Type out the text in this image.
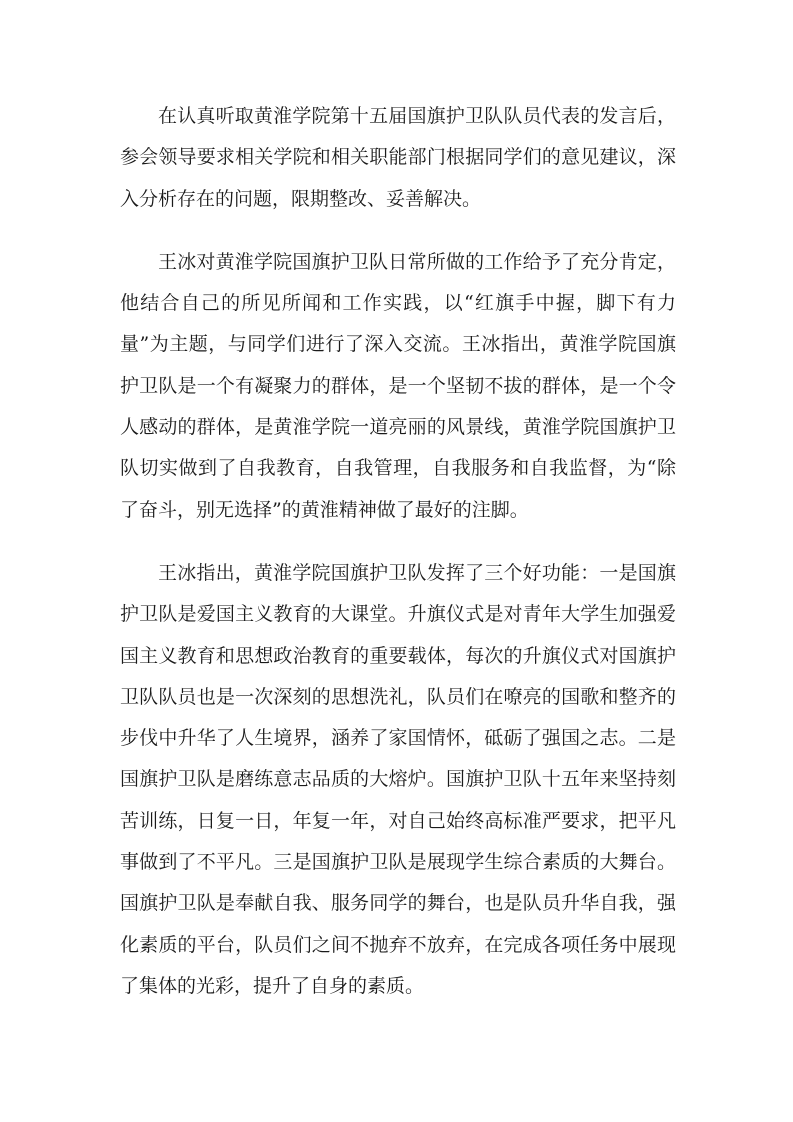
在认真听取黄淮学院第十五届国旗护卫队队员代表的发言后，参会领导要求相关学院和相关职能部门根据同学们的意见建议，深入分析存在的问题，限期整改、妥善解决。

王冰对黄淮学院国旗护卫队日常所做的工作给予了充分肯定，他结合自己的所见所闻和工作实践，以“红旗手中握，脚下有力量”为主题，与同学们进行了深入交流。王冰指出，黄淮学院国旗护卫队是一个有凝聚力的群体，是一个坚韧不拔的群体，是一个令人感动的群体，是黄淮学院一道亮丽的风景线，黄淮学院国旗护卫队切实做到了自我教育，自我管理，自我服务和自我监督，为“除了奋斗，别无选择”的黄淮精神做了最好的注脚。

王冰指出，黄淮学院国旗护卫队发挥了三个好功能：一是国旗护卫队是爱国主义教育的大课堂。升旗仪式是对青年大学生加强爱国主义教育和思想政治教育的重要载体，每次的升旗仪式对国旗护卫队队员也是一次深刻的思想洗礼，队员们在嘹亮的国歌和整齐的步伐中升华了人生境界，涵养了家国情怀，砥砺了强国之志。二是国旗护卫队是磨练意志品质的大熔炉。国旗护卫队十五年来坚持刻苦训练，日复一日，年复一年，对自己始终高标准严要求，把平凡事做到了不平凡。三是国旗护卫队是展现学生综合素质的大舞台。国旗护卫队是奉献自我、服务同学的舞台，也是队员升华自我，强化素质的平台，队员们之间不抛弃不放弃，在完成各项任务中展现了集体的光彩，提升了自身的素质。
